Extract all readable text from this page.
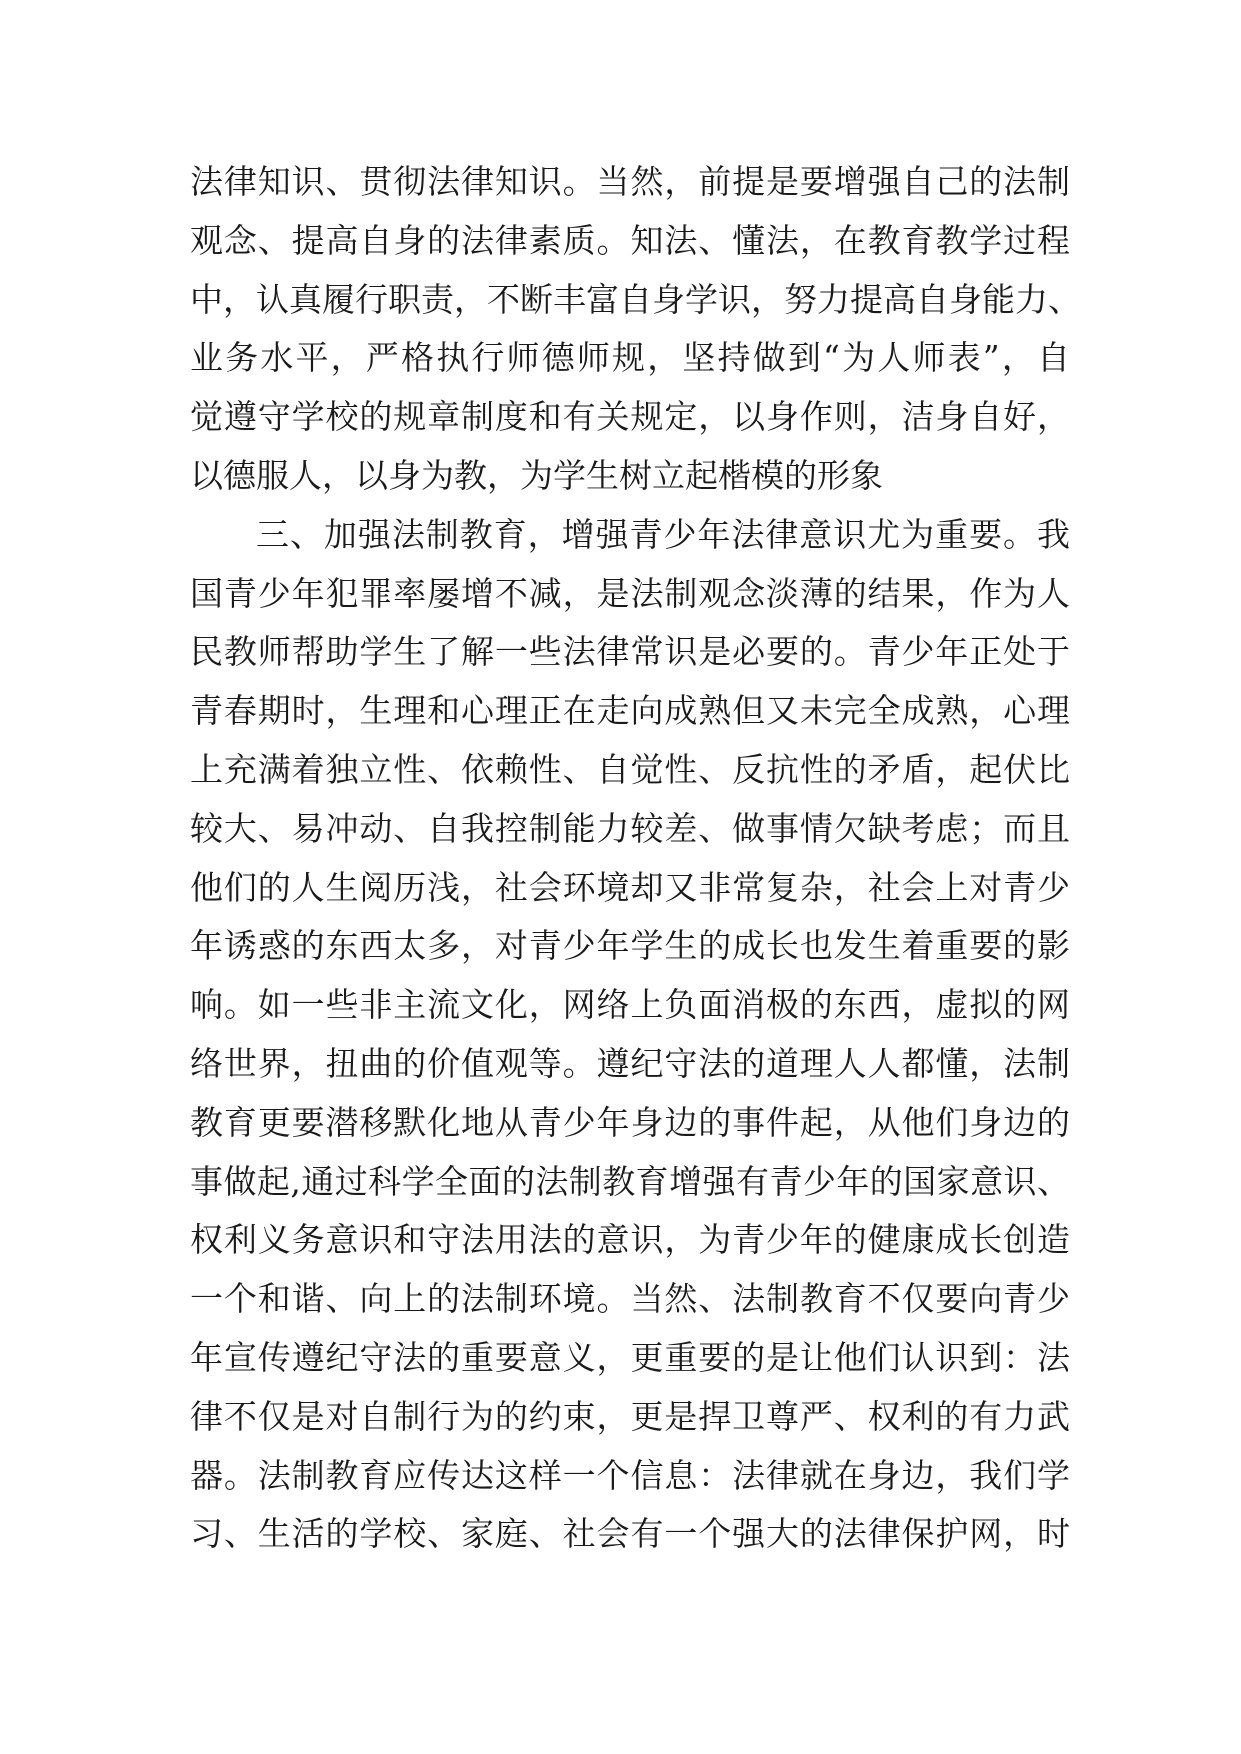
法律知识、贯彻法律知识。当然，前提是要增强自己的法制
观念、提高自身的法律素质。知法、懂法，在教育教学过程
中，认真履行职责，不断丰富自身学识，努力提高自身能力、
业务水平，严格执行师德师规，坚持做到“为人师表”，自
觉遵守学校的规章制度和有关规定，以身作则，洁身自好，
以德服人，以身为教，为学生树立起楷模的形象
三、加强法制教育，增强青少年法律意识尤为重要。我
国青少年犯罪率屡增不减，是法制观念淡薄的结果，作为人
民教师帮助学生了解一些法律常识是必要的。青少年正处于
青春期时，生理和心理正在走向成熟但又未完全成熟，心理
上充满着独立性、依赖性、自觉性、反抗性的矛盾，起伏比
较大、易冲动、自我控制能力较差、做事情欠缺考虑；而且
他们的人生阅历浅，社会环境却又非常复杂，社会上对青少
年诱惑的东西太多，对青少年学生的成长也发生着重要的影
响。如一些非主流文化，网络上负面消极的东西，虚拟的网
络世界，扭曲的价值观等。遵纪守法的道理人人都懂，法制
教育更要潜移默化地从青少年身边的事件起，从他们身边的
事做起,通过科学全面的法制教育增强有青少年的国家意识、
权利义务意识和守法用法的意识，为青少年的健康成长创造
一个和谐、向上的法制环境。当然、法制教育不仅要向青少
年宣传遵纪守法的重要意义，更重要的是让他们认识到：法
律不仅是对自制行为的约束，更是捍卫尊严、权利的有力武
器。法制教育应传达这样一个信息：法律就在身边，我们学
习、生活的学校、家庭、社会有一个强大的法律保护网，时
